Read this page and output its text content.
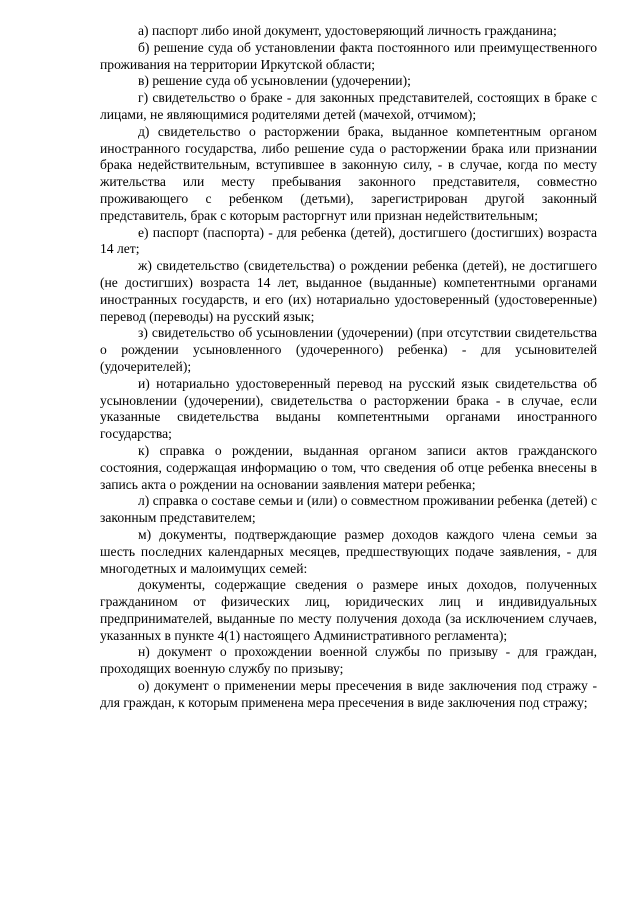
а) паспорт либо иной документ, удостоверяющий личность гражданина;

б) решение суда об установлении факта постоянного или преимущественного проживания на территории Иркутской области;

в) решение суда об усыновлении (удочерении);

г) свидетельство о браке - для законных представителей, состоящих в браке с лицами, не являющимися родителями детей (мачехой, отчимом);

д) свидетельство о расторжении брака, выданное компетентным органом иностранного государства, либо решение суда о расторжении брака или признании брака недействительным, вступившее в законную силу, - в случае, когда по месту жительства или месту пребывания законного представителя, совместно проживающего с ребенком (детьми), зарегистрирован другой законный представитель, брак с которым расторгнут или признан недействительным;

е) паспорт (паспорта) - для ребенка (детей), достигшего (достигших) возраста 14 лет;

ж) свидетельство (свидетельства) о рождении ребенка (детей), не достигшего (не достигших) возраста 14 лет, выданное (выданные) компетентными органами иностранных государств, и его (их) нотариально удостоверенный (удостоверенные) перевод (переводы) на русский язык;

з) свидетельство об усыновлении (удочерении) (при отсутствии свидетельства о рождении усыновленного (удочеренного) ребенка) - для усыновителей (удочерителей);

и) нотариально удостоверенный перевод на русский язык свидетельства об усыновлении (удочерении), свидетельства о расторжении брака - в случае, если указанные свидетельства выданы компетентными органами иностранного государства;

к) справка о рождении, выданная органом записи актов гражданского состояния, содержащая информацию о том, что сведения об отце ребенка внесены в запись акта о рождении на основании заявления матери ребенка;

л) справка о составе семьи и (или) о совместном проживании ребенка (детей) с законным представителем;

м) документы, подтверждающие размер доходов каждого члена семьи за шесть последних календарных месяцев, предшествующих подаче заявления, - для многодетных и малоимущих семей:

документы, содержащие сведения о размере иных доходов, полученных гражданином от физических лиц, юридических лиц и индивидуальных предпринимателей, выданные по месту получения дохода (за исключением случаев, указанных в пункте 4(1) настоящего Административного регламента);

н) документ о прохождении военной службы по призыву - для граждан, проходящих военную службу по призыву;

о) документ о применении меры пресечения в виде заключения под стражу - для граждан, к которым применена мера пресечения в виде заключения под стражу;
